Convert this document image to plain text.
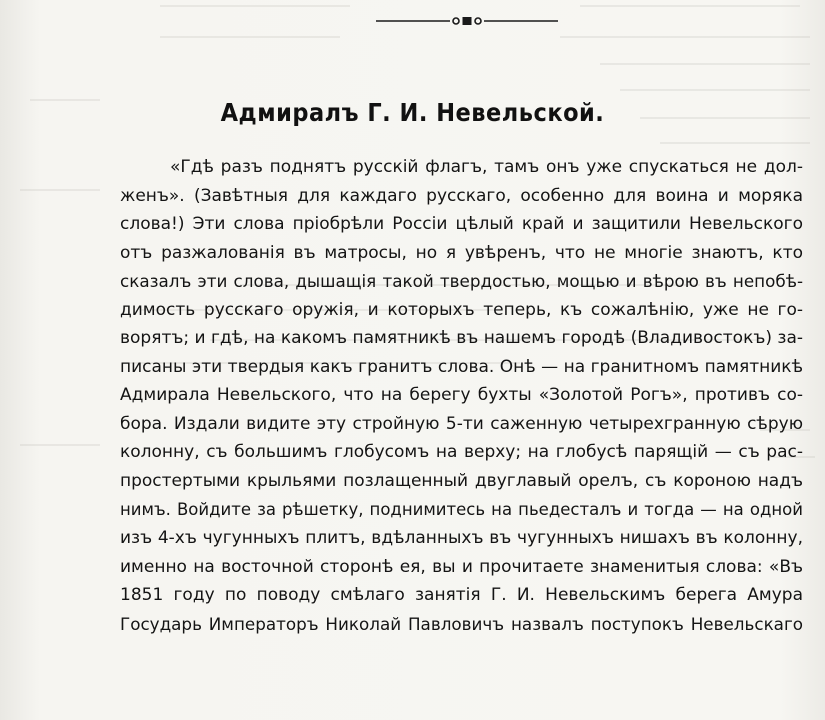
Адмиралъ Г. И. Невельской.
«Гдѣ разъ поднятъ русскій флагъ, тамъ онъ уже спускаться не дол-
женъ». (Завѣтныя для каждаго русскаго, особенно для воина и моряка
слова!) Эти слова пріобрѣли Россіи цѣлый край и защитили Невельского
отъ разжалованія въ матросы, но я увѣренъ, что не многіе знаютъ, кто
сказалъ эти слова, дышащія такой твердостью, мощью и вѣрою въ непобѣ-
димость русскаго оружія, и которыхъ теперь, къ сожалѣнію, уже не го-
ворятъ; и гдѣ, на какомъ памятникѣ въ нашемъ городѣ (Владивостокъ) за-
писаны эти твердыя какъ гранитъ слова. Онѣ — на гранитномъ памятникѣ
Адмирала Невельского, что на берегу бухты «Золотой Рогъ», противъ со-
бора. Издали видите эту стройную 5-ти саженную четырехгранную сѣрую
колонну, съ большимъ глобусомъ на верху; на глобусѣ парящій — съ рас-
простертыми крыльями позлащенный двуглавый орелъ, съ короною надъ
нимъ. Войдите за рѣшетку, поднимитесь на пьедесталъ и тогда — на одной
изъ 4-хъ чугунныхъ плитъ, вдѣланныхъ въ чугунныхъ нишахъ въ колонну,
именно на восточной сторонѣ ея, вы и прочитаете знаменитыя слова: «Въ
1851 году по поводу смѣлаго занятія Г. И. Невельскимъ берега Амура
Государь Императоръ Николай Павловичъ назвалъ поступокъ Невельскаго
